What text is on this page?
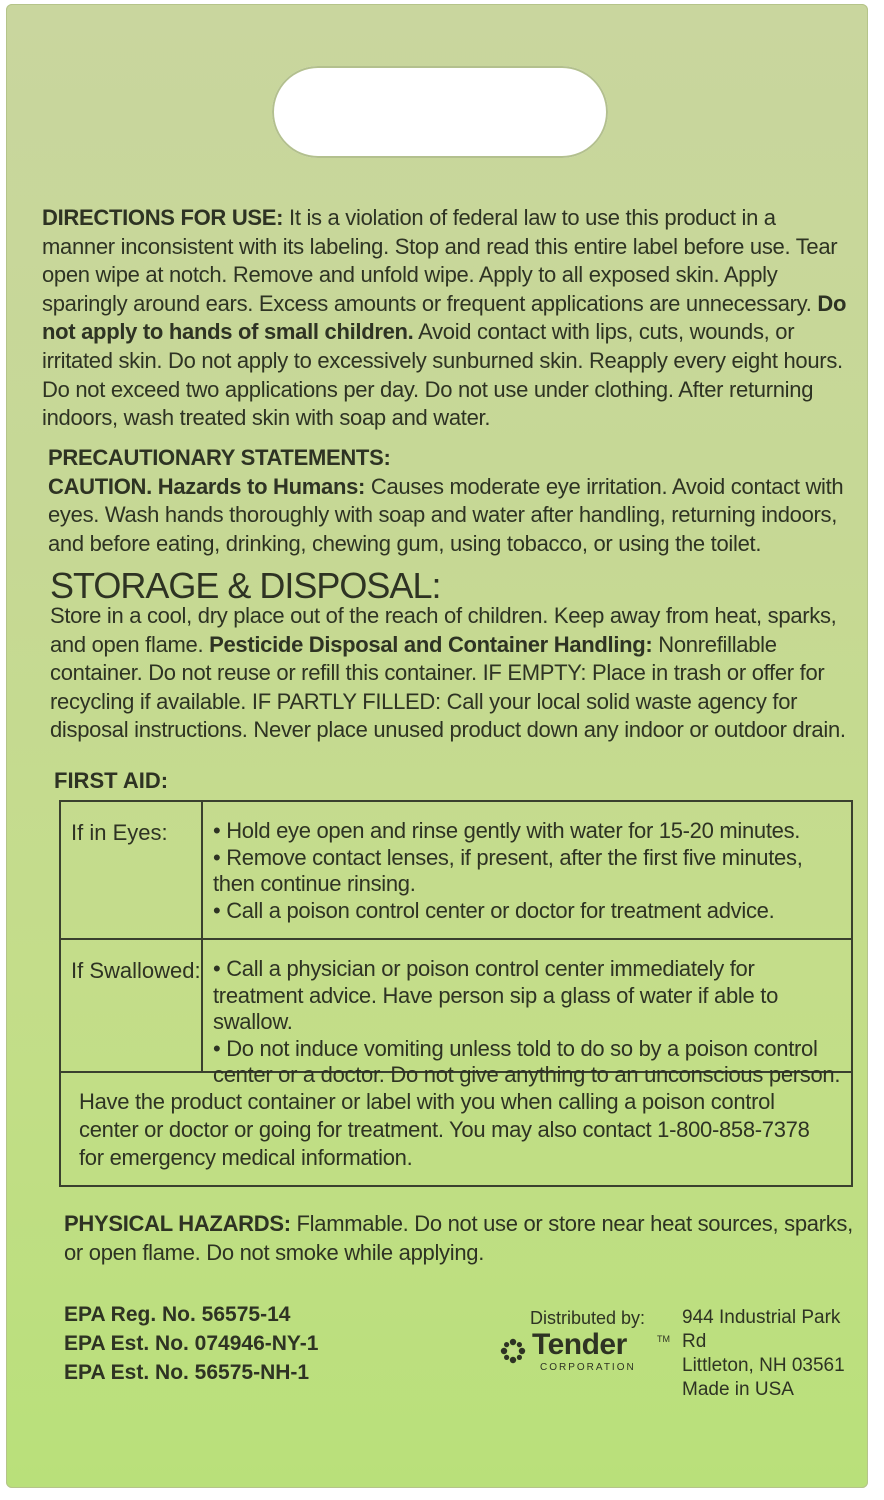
DIRECTIONS FOR USE: It is a violation of federal law to use this product in a manner inconsistent with its labeling. Stop and read this entire label before use. Tear open wipe at notch. Remove and unfold wipe. Apply to all exposed skin. Apply sparingly around ears. Excess amounts or frequent applications are unnecessary. Do not apply to hands of small children. Avoid contact with lips, cuts, wounds, or irritated skin. Do not apply to excessively sunburned skin. Reapply every eight hours. Do not exceed two applications per day. Do not use under clothing. After returning indoors, wash treated skin with soap and water.
PRECAUTIONARY STATEMENTS:
CAUTION. Hazards to Humans: Causes moderate eye irritation. Avoid contact with eyes. Wash hands thoroughly with soap and water after handling, returning indoors, and before eating, drinking, chewing gum, using tobacco, or using the toilet.
STORAGE & DISPOSAL:
Store in a cool, dry place out of the reach of children. Keep away from heat, sparks, and open flame. Pesticide Disposal and Container Handling: Nonrefillable container. Do not reuse or refill this container. IF EMPTY: Place in trash or offer for recycling if available. IF PARTLY FILLED: Call your local solid waste agency for disposal instructions. Never place unused product down any indoor or outdoor drain.
FIRST AID:
If in Eyes:	• Hold eye open and rinse gently with water for 15-20 minutes.
• Remove contact lenses, if present, after the first five minutes, then continue rinsing.
• Call a poison control center or doctor for treatment advice.
If Swallowed:	• Call a physician or poison control center immediately for treatment advice. Have person sip a glass of water if able to swallow.
• Do not induce vomiting unless told to do so by a poison control center or a doctor. Do not give anything to an unconscious person.
Have the product container or label with you when calling a poison control center or doctor or going for treatment. You may also contact 1-800-858-7378 for emergency medical information.
PHYSICAL HAZARDS: Flammable. Do not use or store near heat sources, sparks, or open flame. Do not smoke while applying.
EPA Reg. No. 56575-14
EPA Est. No. 074946-NY-1
EPA Est. No. 56575-NH-1
Distributed by:
Tender	TM
CORPORATION
944 Industrial Park Rd
Littleton, NH 03561
Made in USA
